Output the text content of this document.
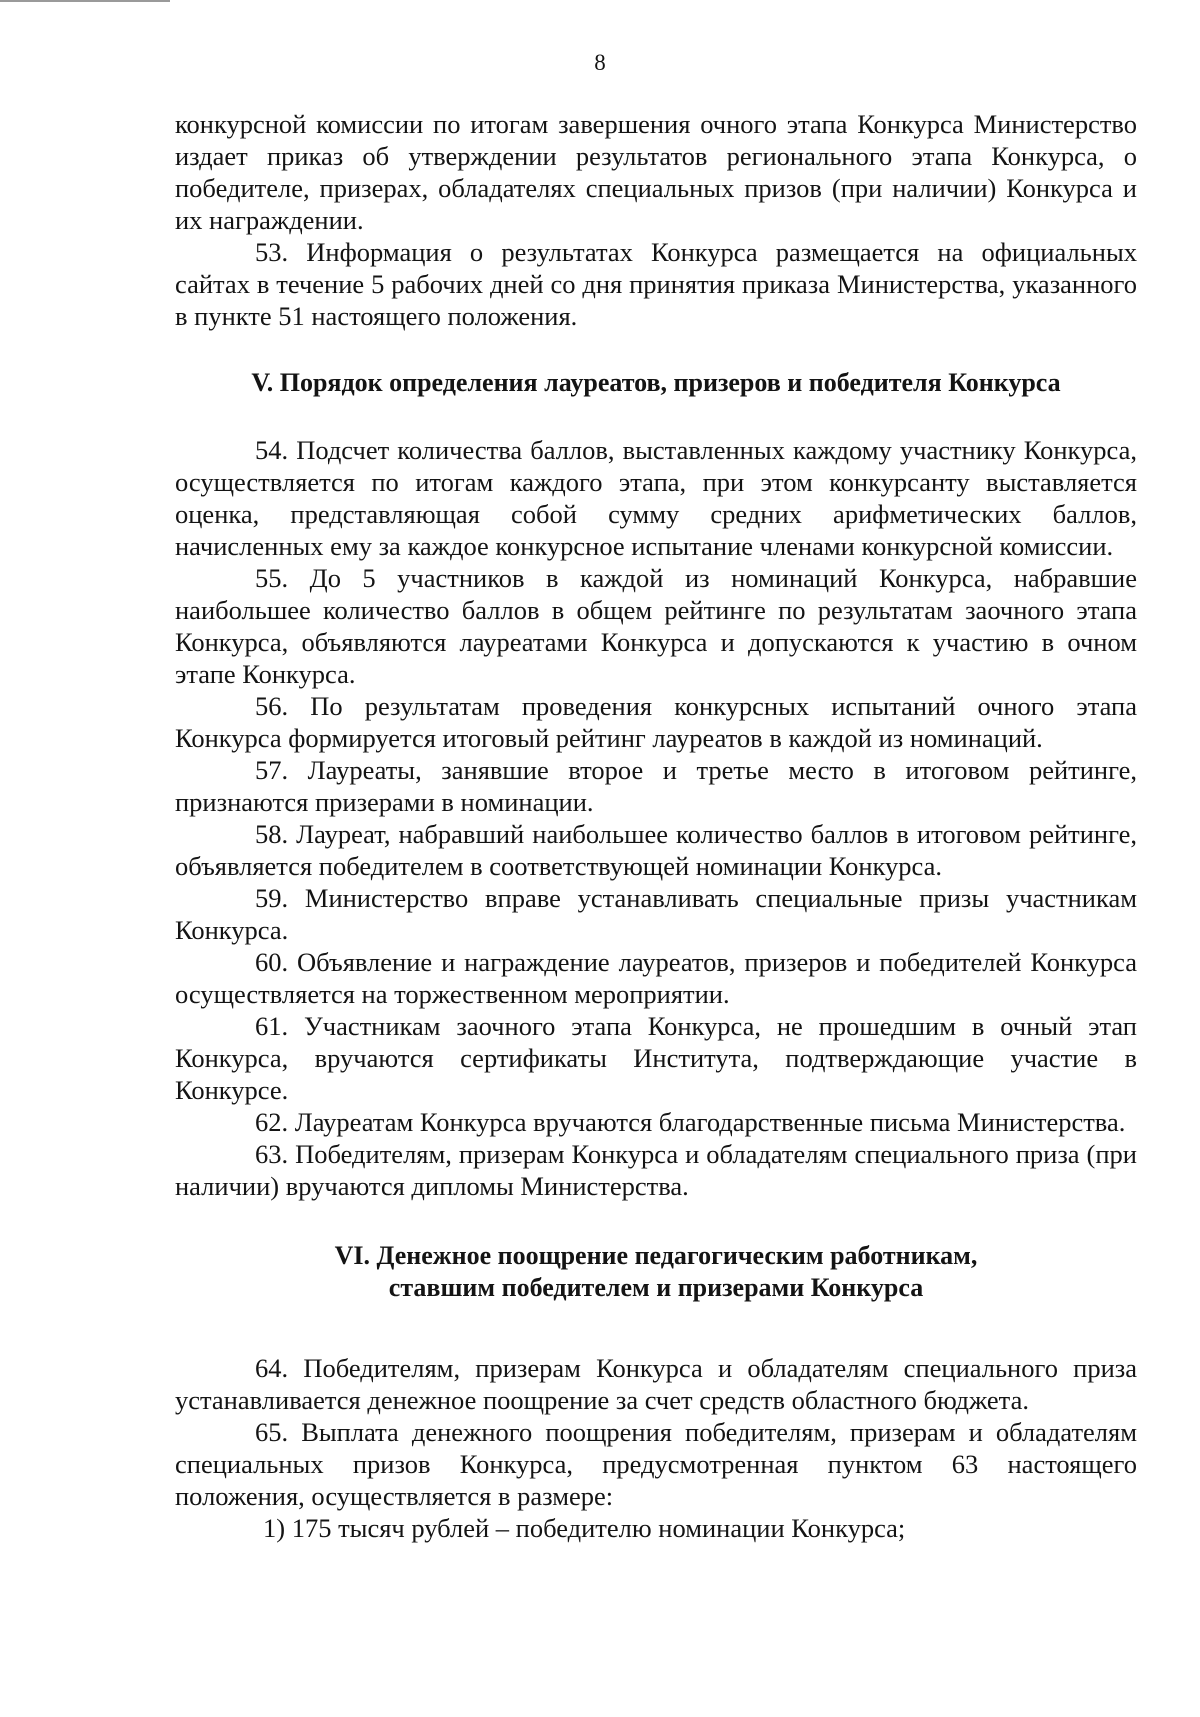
8

конкурсной комиссии по итогам завершения очного этапа Конкурса Министерство издает приказ об утверждении результатов регионального этапа Конкурса, о победителе, призерах, обладателях специальных призов (при наличии) Конкурса и их награждении.

53. Информация о результатах Конкурса размещается на официальных сайтах в течение 5 рабочих дней со дня принятия приказа Министерства, указанного в пункте 51 настоящего положения.

V. Порядок определения лауреатов, призеров и победителя Конкурса

54. Подсчет количества баллов, выставленных каждому участнику Конкурса, осуществляется по итогам каждого этапа, при этом конкурсанту выставляется оценка, представляющая собой сумму средних арифметических баллов, начисленных ему за каждое конкурсное испытание членами конкурсной комиссии.

55. До 5 участников в каждой из номинаций Конкурса, набравшие наибольшее количество баллов в общем рейтинге по результатам заочного этапа Конкурса, объявляются лауреатами Конкурса и допускаются к участию в очном этапе Конкурса.

56. По результатам проведения конкурсных испытаний очного этапа Конкурса формируется итоговый рейтинг лауреатов в каждой из номинаций.

57. Лауреаты, занявшие второе и третье место в итоговом рейтинге, признаются призерами в номинации.

58. Лауреат, набравший наибольшее количество баллов в итоговом рейтинге, объявляется победителем в соответствующей номинации Конкурса.

59. Министерство вправе устанавливать специальные призы участникам Конкурса.

60. Объявление и награждение лауреатов, призеров и победителей Конкурса осуществляется на торжественном мероприятии.

61. Участникам заочного этапа Конкурса, не прошедшим в очный этап Конкурса, вручаются сертификаты Института, подтверждающие участие в Конкурсе.

62. Лауреатам Конкурса вручаются благодарственные письма Министерства.

63. Победителям, призерам Конкурса и обладателям специального приза (при наличии) вручаются дипломы Министерства.

VI. Денежное поощрение педагогическим работникам,
ставшим победителем и призерами Конкурса

64. Победителям, призерам Конкурса и обладателям специального приза устанавливается денежное поощрение за счет средств областного бюджета.

65. Выплата денежного поощрения победителям, призерам и обладателям специальных призов Конкурса, предусмотренная пунктом 63 настоящего положения, осуществляется в размере:

1) 175 тысяч рублей – победителю номинации Конкурса;
